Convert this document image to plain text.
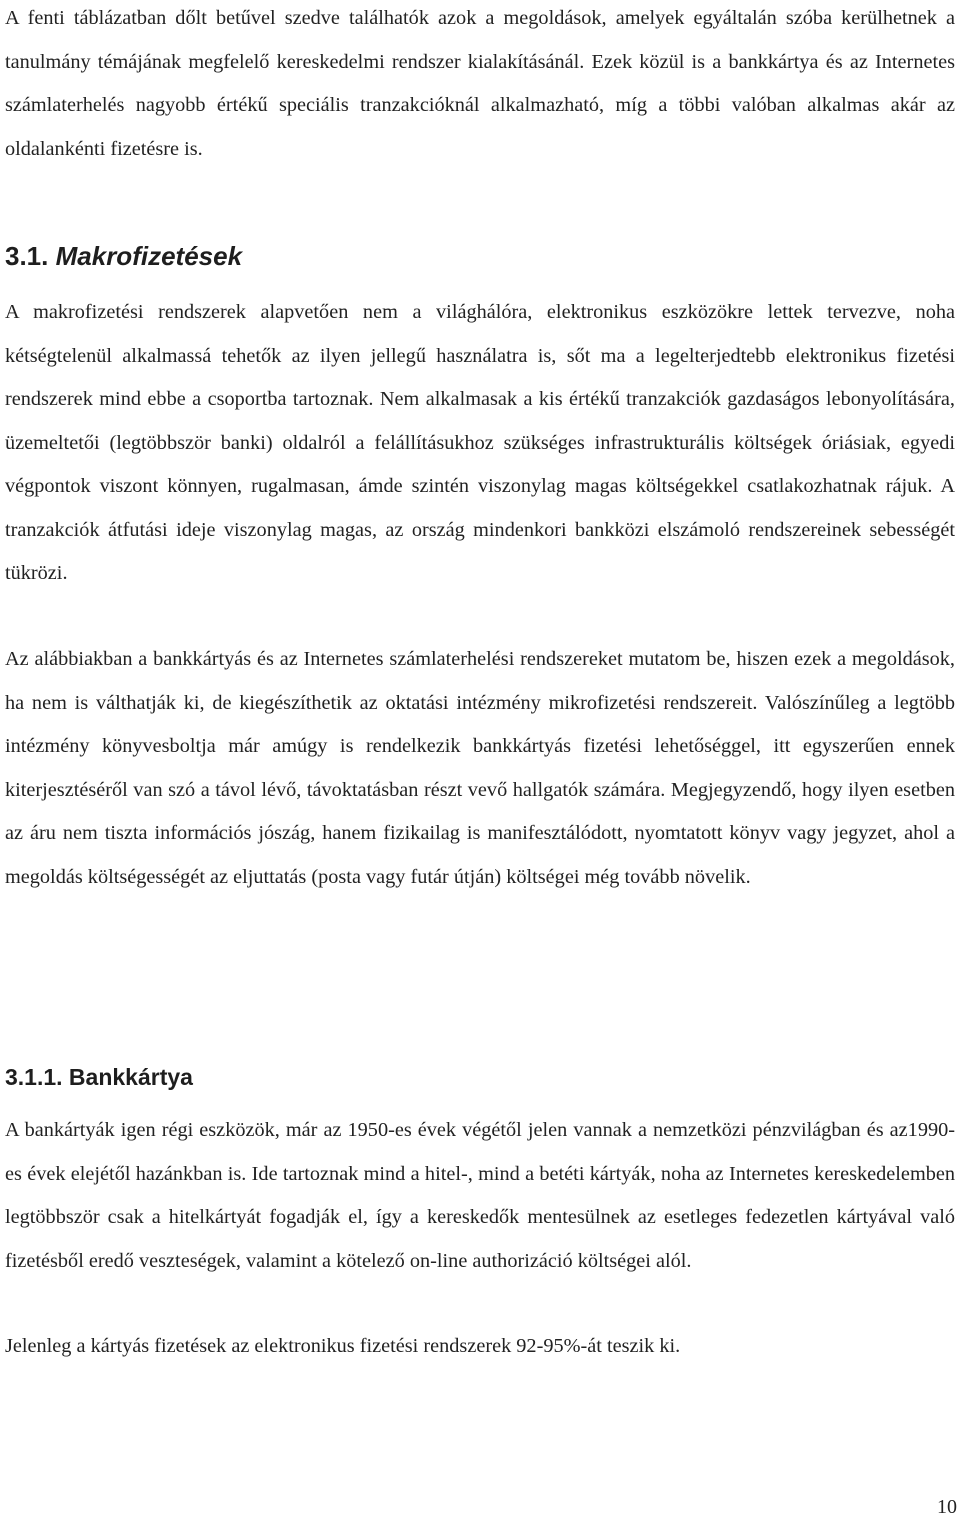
A fenti táblázatban dőlt betűvel szedve találhatók azok a megoldások, amelyek egyáltalán szóba kerülhetnek a tanulmány témájának megfelelő kereskedelmi rendszer kialakításánál. Ezek közül is a bankkártya és az Internetes számlaterhelés nagyobb értékű speciális tranzakcióknál alkalmazható, míg a többi valóban alkalmas akár az oldalankénti fizetésre is.

3.1. Makrofizetések

A makrofizetési rendszerek alapvetően nem a világhálóra, elektronikus eszközökre lettek tervezve, noha kétségtelenül alkalmassá tehetők az ilyen jellegű használatra is, sőt ma a legelterjedtebb elektronikus fizetési rendszerek mind ebbe a csoportba tartoznak. Nem alkalmasak a kis értékű tranzakciók gazdaságos lebonyolítására, üzemeltetői (legtöbbször banki) oldalról a felállításukhoz szükséges infrastrukturális költségek óriásiak, egyedi végpontok viszont könnyen, rugalmasan, ámde szintén viszonylag magas költségekkel csatlakozhatnak rájuk. A tranzakciók átfutási ideje viszonylag magas, az ország mindenkori bankközi elszámoló rendszereinek sebességét tükrözi.

Az alábbiakban a bankkártyás és az Internetes számlaterhelési rendszereket mutatom be, hiszen ezek a megoldások, ha nem is válthatják ki, de kiegészíthetik az oktatási intézmény mikrofizetési rendszereit. Valószínűleg a legtöbb intézmény könyvesboltja már amúgy is rendelkezik bankkártyás fizetési lehetőséggel, itt egyszerűen ennek kiterjesztéséről van szó a távol lévő, távoktatásban részt vevő hallgatók számára. Megjegyzendő, hogy ilyen esetben az áru nem tiszta információs jószág, hanem fizikailag is manifesztálódott, nyomtatott könyv vagy jegyzet, ahol a megoldás költségességét az eljuttatás (posta vagy futár útján) költségei még tovább növelik.

3.1.1. Bankkártya

A bankártyák igen régi eszközök, már az 1950-es évek végétől jelen vannak a nemzetközi pénzvilágban és az1990-es évek elejétől hazánkban is. Ide tartoznak mind a hitel-, mind a betéti kártyák, noha az Internetes kereskedelemben legtöbbször csak a hitelkártyát fogadják el, így a kereskedők mentesülnek az esetleges fedezetlen kártyával való fizetésből eredő veszteségek, valamint a kötelező on-line authorizáció költségei alól.

Jelenleg a kártyás fizetések az elektronikus fizetési rendszerek 92-95%-át teszik ki.

10
